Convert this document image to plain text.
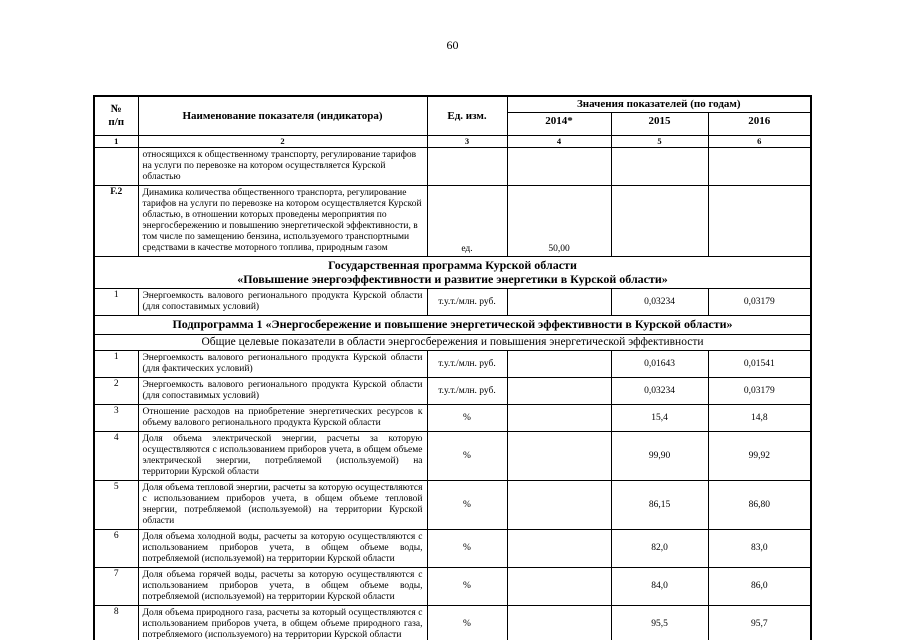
60
№
п/п	Наименование показателя (индикатора)	Ед. изм.	Значения показателей (по годам)		
			2014*	2015	2016
1	2	3	4	5	6
	относящихся к общественному транспорту, регулирование тарифов на услуги по перевозке на котором осуществляется Курской областью				
F.2	Динамика количества общественного транспорта, регулирование тарифов на услуги по перевозке на котором осуществляется Курской областью, в отношении которых проведены мероприятия по энергосбережению и повышению энергетической эффективности, в том числе по замещению бензина, используемого транспортными средствами в качестве моторного топлива, природным газом	ед.	50,00		

Государственная программа Курской области
«Повышение энергоэффективности и развитие энергетики в Курской области»					

1	Энергоемкость валового регионального продукта Курской области (для сопоставимых условий)	т.у.т./млн. руб.		0,03234	0,03179

Подпрограмма 1 «Энергосбережение и повышение энергетической эффективности в Курской области»					

Общие целевые показатели в области энергосбережения и повышения энергетической эффективности					

1	Энергоемкость валового регионального продукта Курской области (для фактических условий)	т.у.т./млн. руб.		0,01643	0,01541
2	Энергоемкость валового регионального продукта Курской области (для сопоставимых условий)	т.у.т./млн. руб.		0,03234	0,03179
3	Отношение расходов на приобретение энергетических ресурсов к объему валового регионального продукта Курской области	%		15,4	14,8
4	Доля объема электрической энергии, расчеты за которую осуществляются с использованием приборов учета, в общем объеме электрической энергии, потребляемой (используемой) на территории Курской области	%		99,90	99,92
5	Доля объема тепловой энергии, расчеты за которую осуществляются с использованием приборов учета, в общем объеме тепловой энергии, потребляемой (используемой) на территории Курской области	%		86,15	86,80
6	Доля объема холодной воды, расчеты за которую осуществляются с использованием приборов учета, в общем объеме воды, потребляемой (используемой) на территории Курской области	%		82,0	83,0
7	Доля объема горячей воды, расчеты за которую осуществляются с использованием приборов учета, в общем объеме воды, потребляемой (используемой) на территории Курской области	%		84,0	86,0
8	Доля объема природного газа, расчеты за который осуществляются с использованием приборов учета, в общем объеме природного газа, потребляемого (используемого) на территории Курской области	%		95,5	95,7
